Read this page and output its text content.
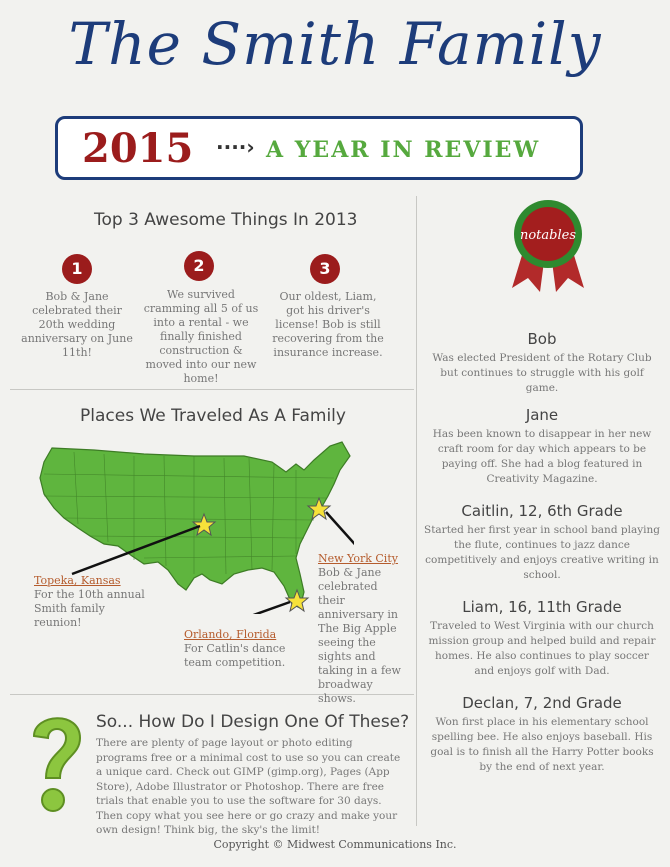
The Smith Family
2015 ····› A YEAR IN REVIEW
Top 3 Awesome Things In 2013
1	2	3
Bob & Jane celebrated their 20th wedding anniversary on June 11th!
We survived cramming all 5 of us into a rental - we finally finished construction & moved into our new home!
Our oldest, Liam, got his driver's license! Bob is still recovering from the insurance increase.
Places We Traveled As A Family
Topeka, Kansas
For the 10th annual Smith family reunion!
Orlando, Florida
For Catlin's dance team competition.
New York City
Bob & Jane celebrated their anniversary in The Big Apple seeing the sights and taking in a few broadway shows.
So... How Do I Design One Of These?
There are plenty of page layout or photo editing programs free or a minimal cost to use so you can create a unique card. Check out GIMP (gimp.org), Pages (App Store), Adobe Illustrator or Photoshop. There are free trials that enable you to use the software for 30 days. Then copy what you see here or go crazy and make your own design! Think big, the sky's the limit!
Copyright © Midwest Communications Inc.
notables
Bob
Was elected President of the Rotary Club but continues to struggle with his golf game.
Jane
Has been known to disappear in her new craft room for day which appears to be paying off. She had a blog featured in Creativity Magazine.
Caitlin, 12, 6th Grade
Started her first year in school band playing the flute, continues to jazz dance competitively and enjoys creative writing in school.
Liam, 16, 11th Grade
Traveled to West Virginia with our church mission group and helped build and repair homes. He also continues to play soccer and enjoys golf with Dad.
Declan, 7, 2nd Grade
Won first place in his elementary school spelling bee. He also enjoys baseball. His goal is to finish all the Harry Potter books by the end of next year.
